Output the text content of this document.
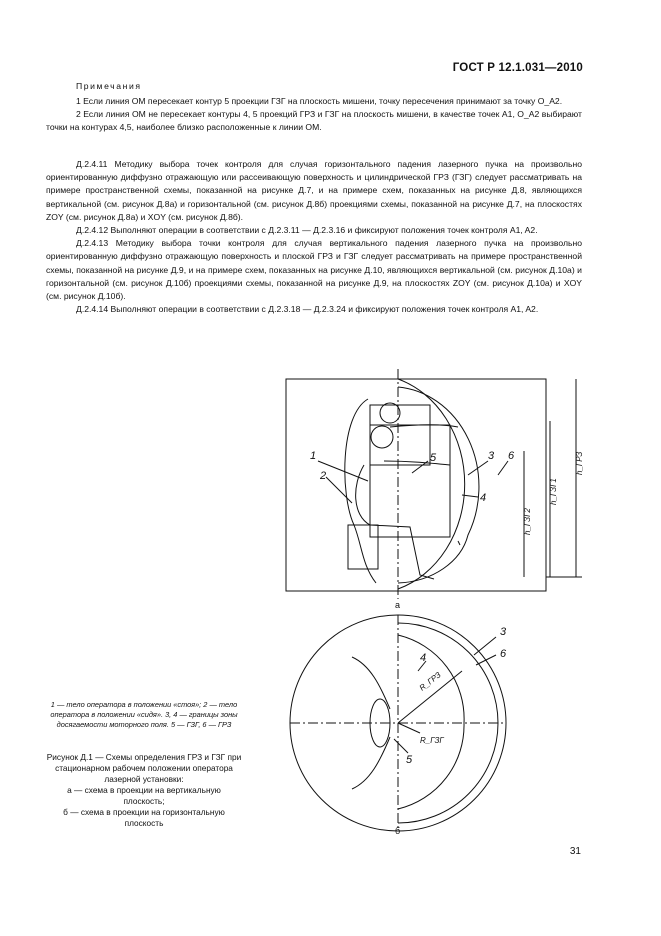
ГОСТ Р 12.1.031—2010
Примечания

1 Если линия ОМ пересекает контур 5 проекции ГЗГ на плоскость мишени, точку пересечения принимают за точку O_A2.

2 Если линия ОМ не пересекает контуры 4, 5 проекций ГРЗ и ГЗГ на плоскость мишени, в качестве точек A1, O_A2 выбирают точки на контурах 4,5, наиболее близко расположенные к линии ОМ.

Д.2.4.11 Методику выбора точек контроля для случая горизонтального падения лазерного пучка на произвольно ориентированную диффузно отражающую или рассеивающую поверхность и цилиндрической ГРЗ (ГЗГ) следует рассматривать на примере пространственной схемы, показанной на рисунке Д.7, и на примере схем, показанных на рисунке Д.8, являющихся вертикальной (см. рисунок Д.8а) и горизонтальной (см. рисунок Д.8б) проекциями схемы, показанной на рисунке Д.7, на плоскостях ZOY (см. рисунок Д.8а) и XOY (см. рисунок Д.8б).

Д.2.4.12 Выполняют операции в соответствии с Д.2.3.11 — Д.2.3.16 и фиксируют положения точек контроля A1, A2.

Д.2.4.13 Методику выбора точки контроля для случая вертикального падения лазерного пучка на произвольно ориентированную диффузно отражающую поверхность и плоской ГРЗ и ГЗГ следует рассматривать на примере пространственной схемы, показанной на рисунке Д.9, и на примере схем, показанных на рисунке Д.10, являющихся вертикальной (см. рисунок Д.10а) и горизонтальной (см. рисунок Д.10б) проекциями схемы, показанной на рисунке Д.9, на плоскостях ZOY (см. рисунок Д.10а) и XOY (см. рисунок Д.10б).

Д.2.4.14 Выполняют операции в соответствии с Д.2.3.18 — Д.2.3.24 и фиксируют положения точек контроля A1, A2.

1
2
5	3 6
4
3
6
4
5
h_ГРЗ
h_ГЗГ1
h_ГЗГ2
R_ГРЗ
R_ГЗГ
а
б
1 — тело оператора в положении «стоя»; 2 — тело оператора в положении «сидя». 3, 4 — границы зоны досягаемости моторного поля. 5 — ГЗГ, 6 — ГРЗ
Рисунок Д.1 — Схемы определения ГРЗ и ГЗГ при стационарном рабочем положении оператора лазерной установки:
а — схема в проекции на вертикальную плоскость;
б — схема в проекции на горизонтальную плоскость
31
